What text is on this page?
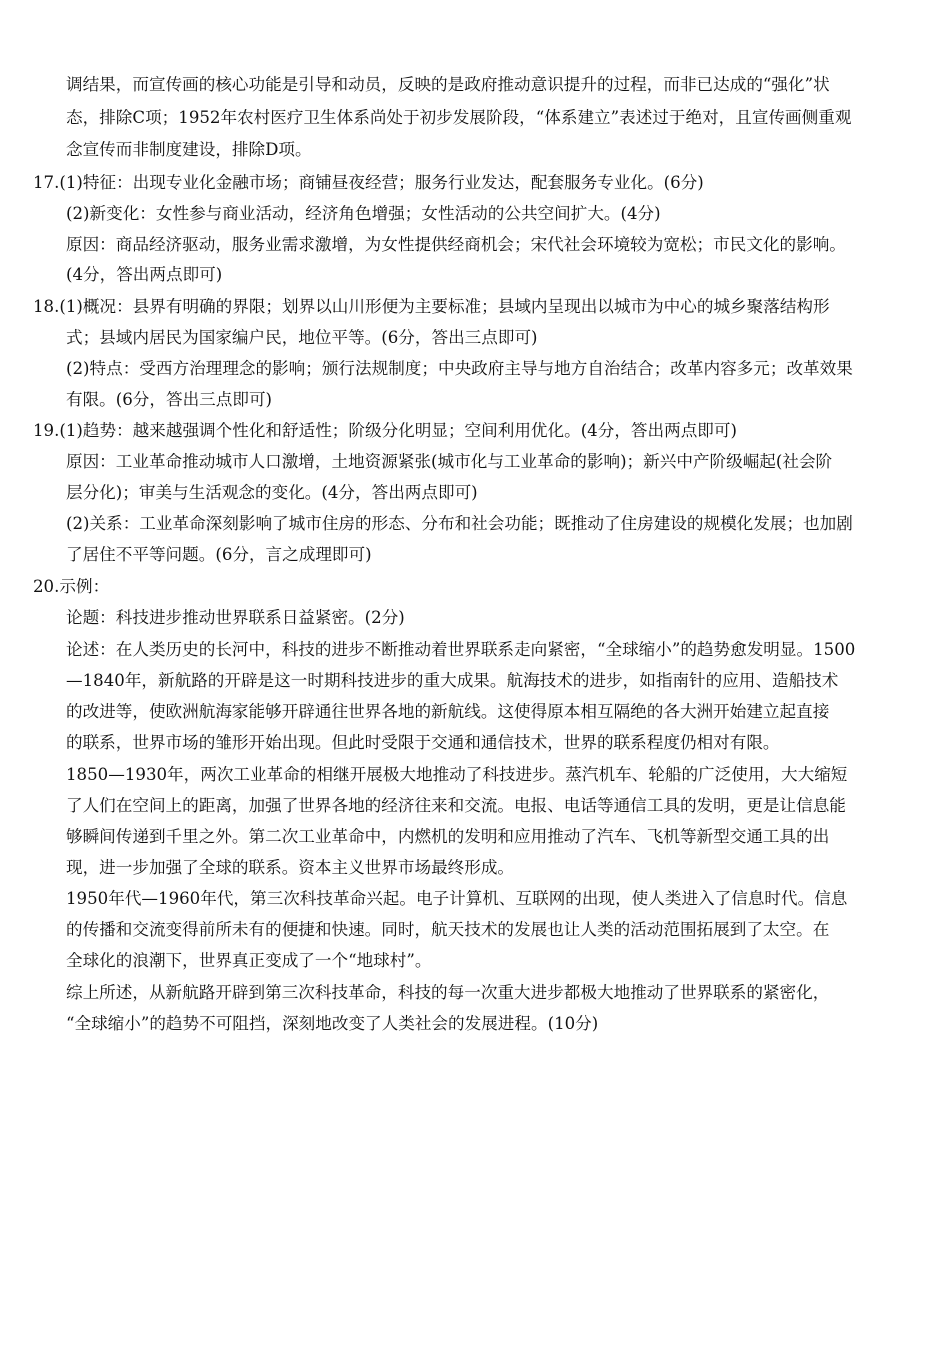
调结果，而宣传画的核心功能是引导和动员，反映的是政府推动意识提升的过程，而非已达成的“强化”状
态，排除C项；1952年农村医疗卫生体系尚处于初步发展阶段，“体系建立”表述过于绝对，且宣传画侧重观
念宣传而非制度建设，排除D项。
17.(1)特征：出现专业化金融市场；商铺昼夜经营；服务行业发达，配套服务专业化。(6分)
(2)新变化：女性参与商业活动，经济角色增强；女性活动的公共空间扩大。(4分)
原因：商品经济驱动，服务业需求激增，为女性提供经商机会；宋代社会环境较为宽松；市民文化的影响。
(4分，答出两点即可)
18.(1)概况：县界有明确的界限；划界以山川形便为主要标准；县域内呈现出以城市为中心的城乡聚落结构形
式；县域内居民为国家编户民，地位平等。(6分，答出三点即可)
(2)特点：受西方治理理念的影响；颁行法规制度；中央政府主导与地方自治结合；改革内容多元；改革效果
有限。(6分，答出三点即可)
19.(1)趋势：越来越强调个性化和舒适性；阶级分化明显；空间利用优化。(4分，答出两点即可)
原因：工业革命推动城市人口激增，土地资源紧张(城市化与工业革命的影响)；新兴中产阶级崛起(社会阶
层分化)；审美与生活观念的变化。(4分，答出两点即可)
(2)关系：工业革命深刻影响了城市住房的形态、分布和社会功能；既推动了住房建设的规模化发展；也加剧
了居住不平等问题。(6分，言之成理即可)
20.示例：
论题：科技进步推动世界联系日益紧密。(2分)
论述：在人类历史的长河中，科技的进步不断推动着世界联系走向紧密，“全球缩小”的趋势愈发明显。1500
—1840年，新航路的开辟是这一时期科技进步的重大成果。航海技术的进步，如指南针的应用、造船技术
的改进等，使欧洲航海家能够开辟通往世界各地的新航线。这使得原本相互隔绝的各大洲开始建立起直接
的联系，世界市场的雏形开始出现。但此时受限于交通和通信技术，世界的联系程度仍相对有限。
1850—1930年，两次工业革命的相继开展极大地推动了科技进步。蒸汽机车、轮船的广泛使用，大大缩短
了人们在空间上的距离，加强了世界各地的经济往来和交流。电报、电话等通信工具的发明，更是让信息能
够瞬间传递到千里之外。第二次工业革命中，内燃机的发明和应用推动了汽车、飞机等新型交通工具的出
现，进一步加强了全球的联系。资本主义世界市场最终形成。
1950年代—1960年代，第三次科技革命兴起。电子计算机、互联网的出现，使人类进入了信息时代。信息
的传播和交流变得前所未有的便捷和快速。同时，航天技术的发展也让人类的活动范围拓展到了太空。在
全球化的浪潮下，世界真正变成了一个“地球村”。
综上所述，从新航路开辟到第三次科技革命，科技的每一次重大进步都极大地推动了世界联系的紧密化，
“全球缩小”的趋势不可阻挡，深刻地改变了人类社会的发展进程。(10分)
